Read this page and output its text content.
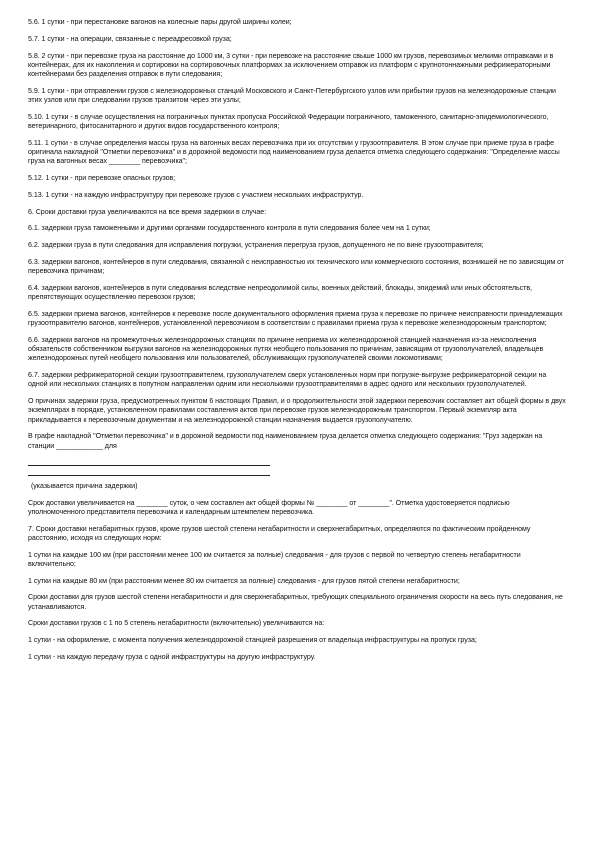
5.6. 1 сутки - при перестановке вагонов на колесные пары другой ширины колеи;

5.7. 1 сутки - на операции, связанные с переадресовкой груза;

5.8. 2 сутки - при перевозке груза на расстояние до 1000 км, 3 сутки - при перевозке на расстояние свыше 1000 км грузов, перевозимых мелкими отправками и в контейнерах, для их накопления и сортировки на сортировочных платформах за исключением отправок из платформ с крупнотоннажными рефрижераторными контейнерами без разделения отправок в пути следования;

5.9. 1 сутки - при отправлении грузов с железнодорожных станций Московского и Санкт-Петербургского узлов или прибытии грузов на железнодорожные станции этих узлов или при следовании грузов транзитом через эти узлы;

5.10. 1 сутки - в случае осуществления на пограничных пунктах пропуска Российской Федерации пограничного, таможенного, санитарно-эпидемиологического, ветеринарного, фитосанитарного и других видов государственного контроля;

5.11. 1 сутки - в случае определения массы груза на вагонных весах перевозчика при их отсутствии у грузоотправителя. В этом случае при приеме груза в графе оригинала накладной "Отметки перевозчика" и в дорожной ведомости под наименованием груза делается отметка следующего содержания: "Определение массы груза на вагонных весах ________ перевозчика";

5.12. 1 сутки - при перевозке опасных грузов;

5.13. 1 сутки - на каждую инфраструктуру при перевозке грузов с участием нескольких инфраструктур.

6. Сроки доставки груза увеличиваются на все время задержки в случае:

6.1. задержки груза таможенными и другими органами государственного контроля в пути следования более чем на 1 сутки;

6.2. задержки груза в пути следования для исправления погрузки, устранения перегруза грузов, допущенного не по вине грузоотправителя;

6.3. задержки вагонов, контейнеров в пути следования, связанной с неисправностью их технического или коммерческого состояния, возникшей не по зависящим от перевозчика причинам;

6.4. задержки вагонов, контейнеров в пути следования вследствие непреодолимой силы, военных действий, блокады, эпидемий или иных обстоятельств, препятствующих осуществлению перевозок грузов;

6.5. задержки приема вагонов, контейнеров к перевозке после документального оформления приема груза к перевозке по причине неисправности принадлежащих грузоотправителю вагонов, контейнеров, установленной перевозчиком в соответствии с правилами приема груза к перевозке железнодорожным транспортом;

6.6. задержки вагонов на промежуточных железнодорожных станциях по причине неприема их железнодорожной станцией назначения из-за неисполнения обязательств собственником выгрузки вагонов на железнодорожных путях необщего пользования по причинам, зависящим от грузополучателей, владельцев железнодорожных путей необщего пользования или пользователей, обслуживающих грузополучателей своими локомотивами;

6.7. задержки рефрижераторной секции грузоотправителем, грузополучателем сверх установленных норм при погрузке-выгрузке рефрижераторной секции на одной или нескольких станциях в попутном направлении одним или несколькими грузоотправителями в адрес одного или нескольких грузополучателей.

О причинах задержки груза, предусмотренных пунктом 6 настоящих Правил, и о продолжительности этой задержки перевозчик составляет акт общей формы в двух экземплярах в порядке, установленном правилами составления актов при перевозке грузов железнодорожным транспортом. Первый экземпляр акта прикладывается к перевозочным документам и на железнодорожной станции назначения выдается грузополучателю.

В графе накладной "Отметки перевозчика" и в дорожной ведомости под наименованием груза делается отметка следующего содержания: "Груз задержан на станции ____________ для

(указывается причина задержки)

Срок доставки увеличивается на ________ суток, о чем составлен акт общей формы № ________ от ________". Отметка удостоверяется подписью уполномоченного представителя перевозчика и календарным штемпелем перевозчика.

7. Сроки доставки негабаритных грузов, кроме грузов шестой степени негабаритности и сверхнегабаритных, определяются по фактическим пройденному расстоянию, исходя из следующих норм:

1 сутки на каждые 100 км (при расстоянии менее 100 км считается за полные) следования - для грузов с первой по четвертую степень негабаритности включительно;

1 сутки на каждые 80 км (при расстоянии менее 80 км считается за полные) следования - для грузов пятой степени негабаритности;

Сроки доставки для грузов шестой степени негабаритности и для сверхнегабаритных, требующих специального ограничения скорости на весь путь следования, не устанавливаются.

Сроки доставки грузов с 1 по 5 степень негабаритности (включительно) увеличиваются на:

1 сутки - на оформление, с момента получения железнодорожной станцией разрешения от владельца инфраструктуры на пропуск груза;

1 сутки - на каждую передачу груза с одной инфраструктуры на другую инфраструктуру.
